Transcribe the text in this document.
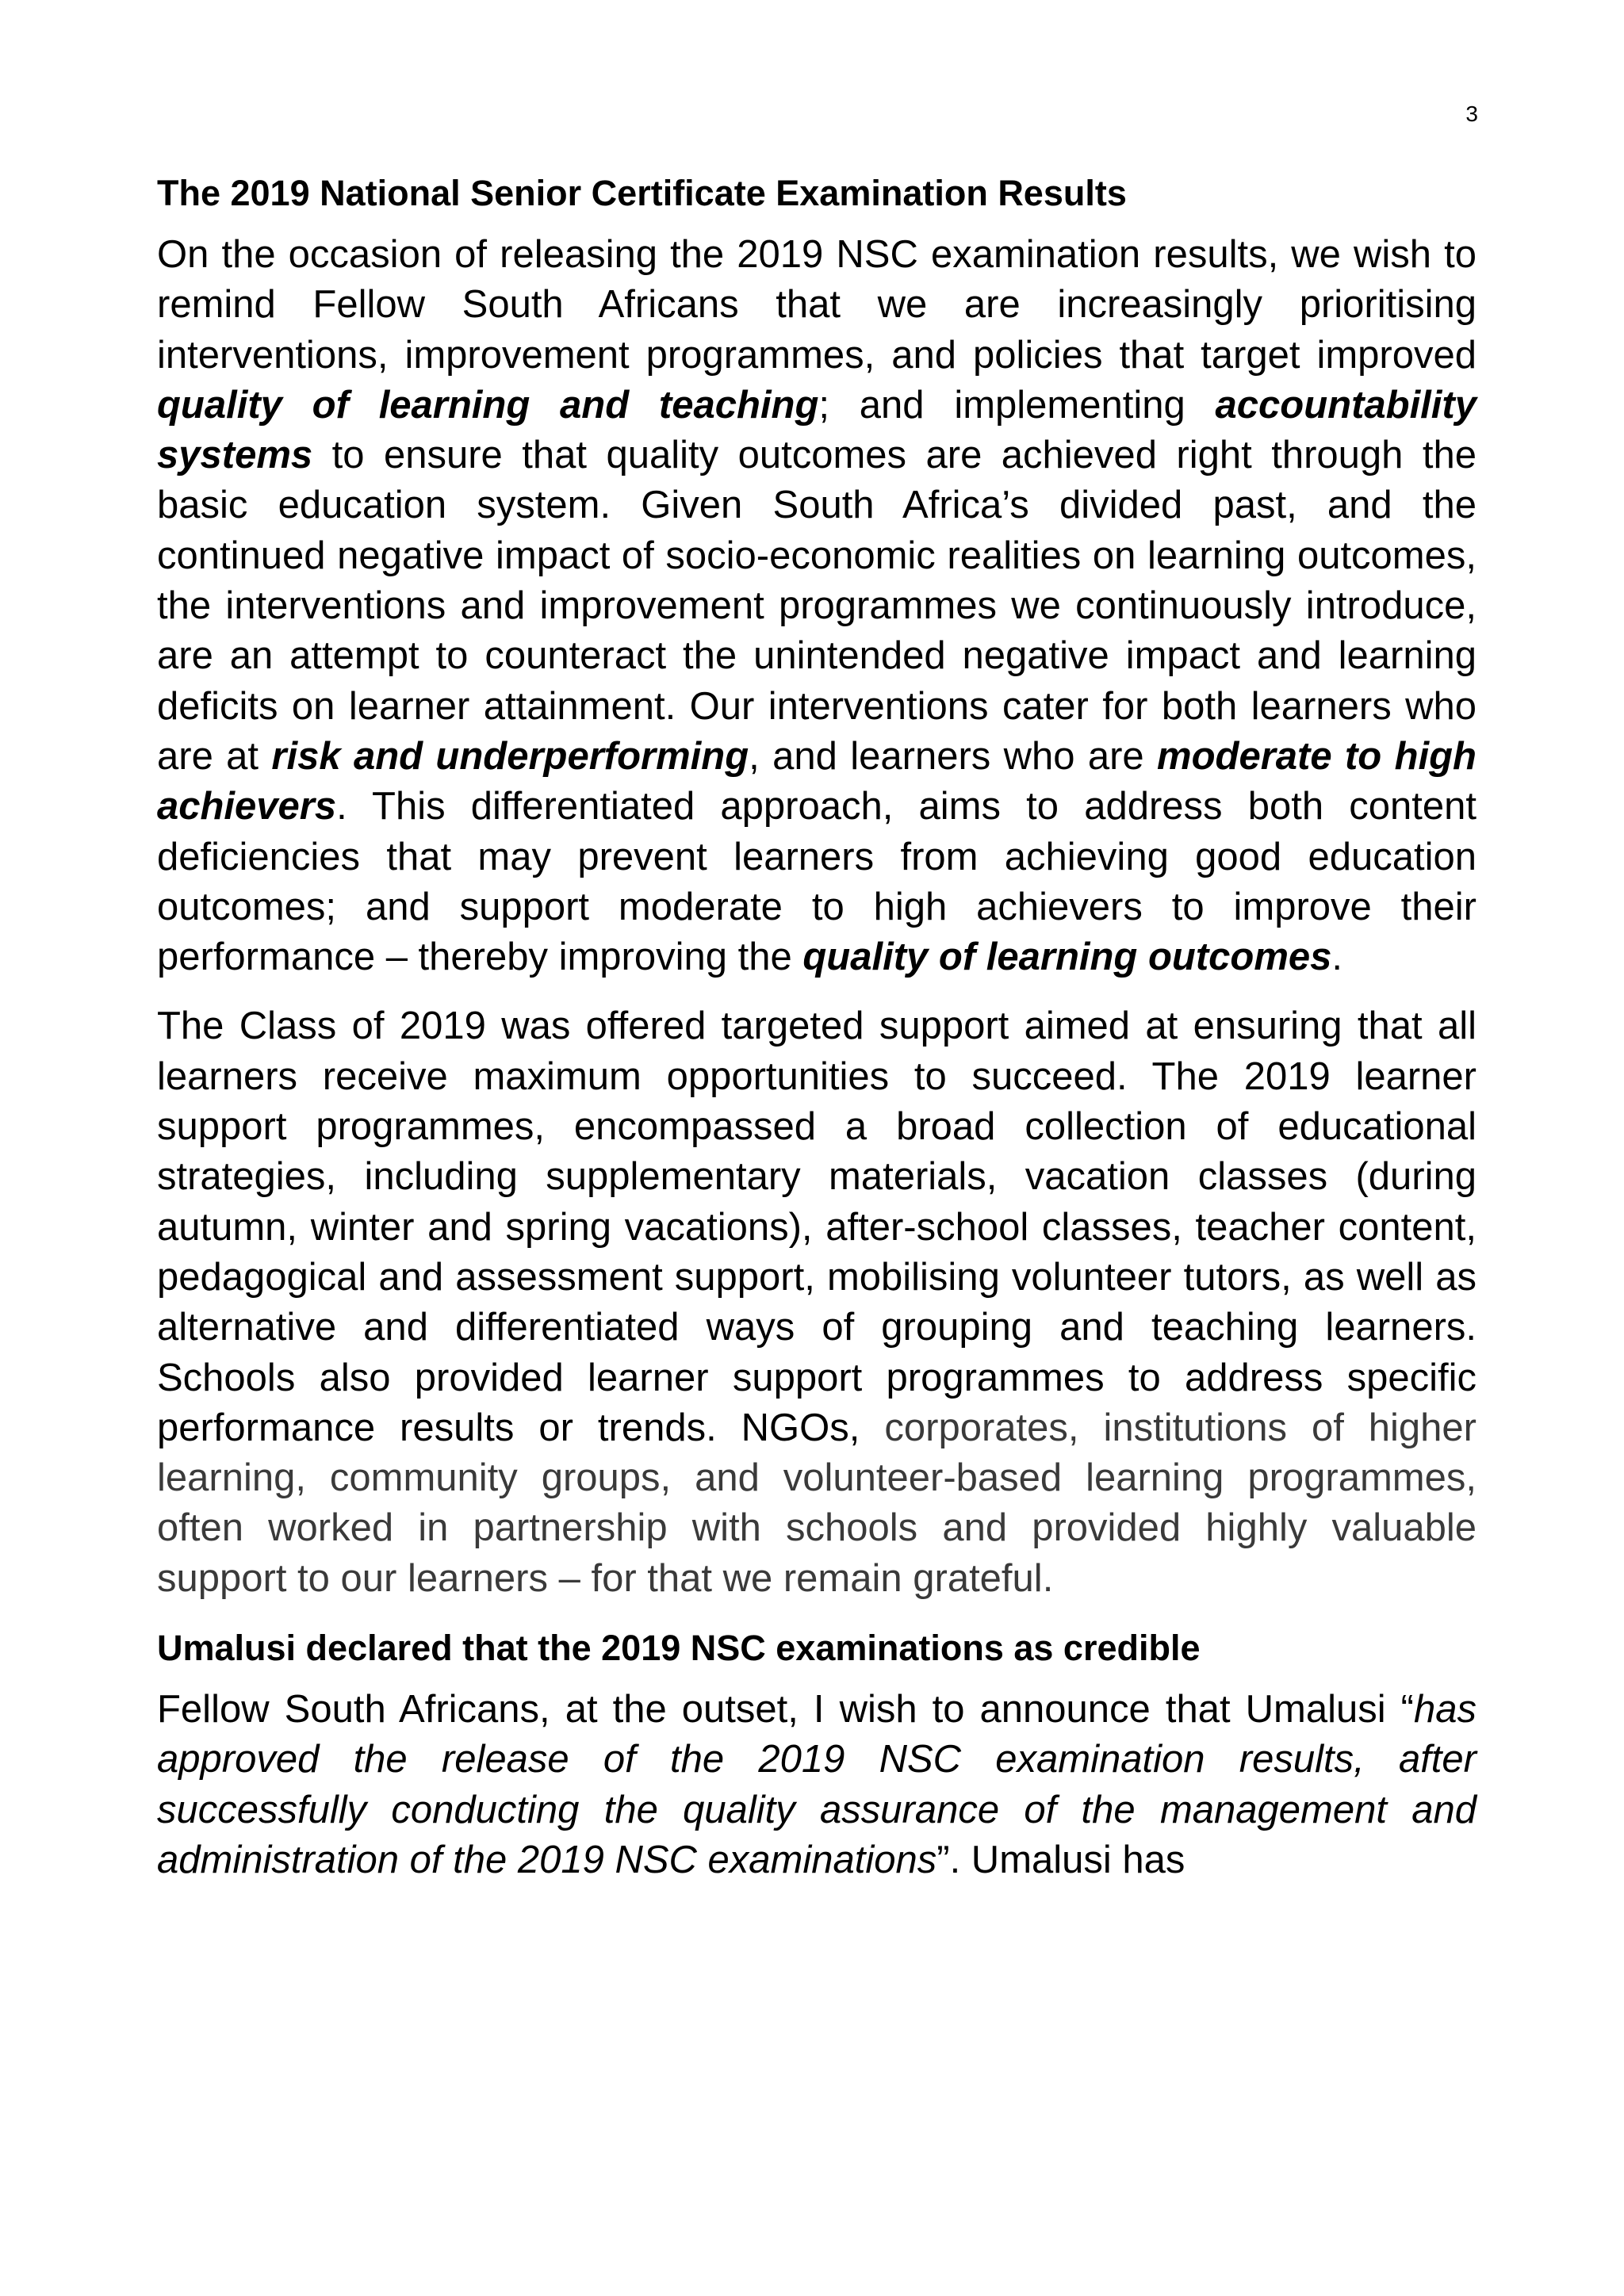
3
The 2019 National Senior Certificate Examination Results

On the occasion of releasing the 2019 NSC examination results, we wish to remind Fellow South Africans that we are increasingly prioritising interventions, improvement programmes, and policies that target improved quality of learning and teaching; and implementing accountability systems to ensure that quality outcomes are achieved right through the basic education system. Given South Africa’s divided past, and the continued negative impact of socio-economic realities on learning outcomes, the interventions and improvement programmes we continuously introduce, are an attempt to counteract the unintended negative impact and learning deficits on learner attainment. Our interventions cater for both learners who are at risk and underperforming, and learners who are moderate to high achievers. This differentiated approach, aims to address both content deficiencies that may prevent learners from achieving good education outcomes; and support moderate to high achievers to improve their performance – thereby improving the quality of learning outcomes.

The Class of 2019 was offered targeted support aimed at ensuring that all learners receive maximum opportunities to succeed. The 2019 learner support programmes, encompassed a broad collection of educational strategies, including supplementary materials, vacation classes (during autumn, winter and spring vacations), after-school classes, teacher content, pedagogical and assessment support, mobilising volunteer tutors, as well as alternative and differentiated ways of grouping and teaching learners. Schools also provided learner support programmes to address specific performance results or trends. NGOs, corporates, institutions of higher learning, community groups, and volunteer-based learning programmes, often worked in partnership with schools and provided highly valuable support to our learners – for that we remain grateful.

Umalusi declared that the 2019 NSC examinations as credible

Fellow South Africans, at the outset, I wish to announce that Umalusi “has approved the release of the 2019 NSC examination results, after successfully conducting the quality assurance of the management and administration of the 2019 NSC examinations”. Umalusi has
